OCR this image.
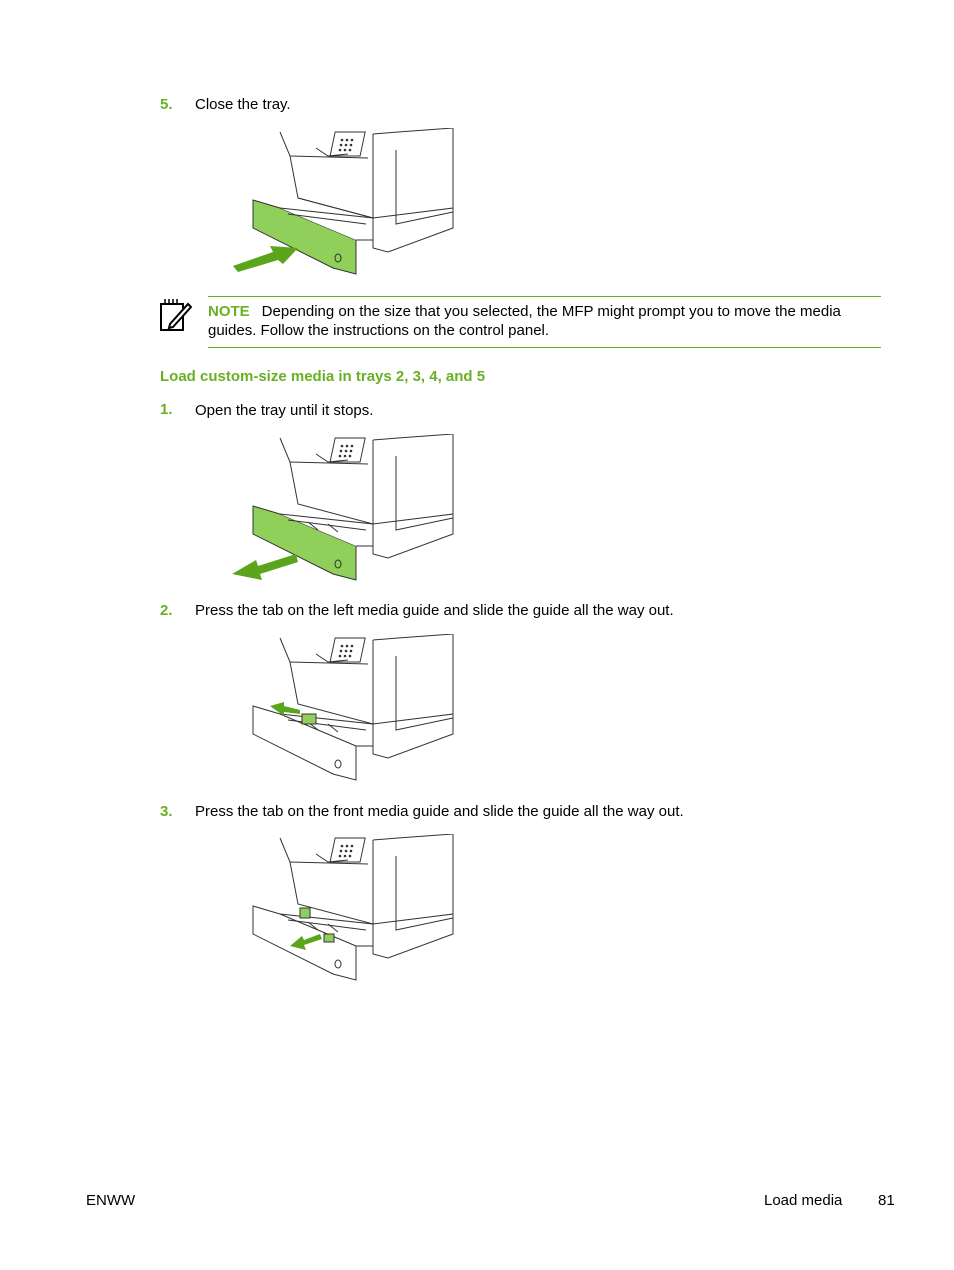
5. Close the tray.
NOTE Depending on the size that you selected, the MFP might prompt you to move the media guides. Follow the instructions on the control panel.
Load custom-size media in trays 2, 3, 4, and 5
1. Open the tray until it stops.
2. Press the tab on the left media guide and slide the guide all the way out.
3. Press the tab on the front media guide and slide the guide all the way out.
ENWW	Load media 81
